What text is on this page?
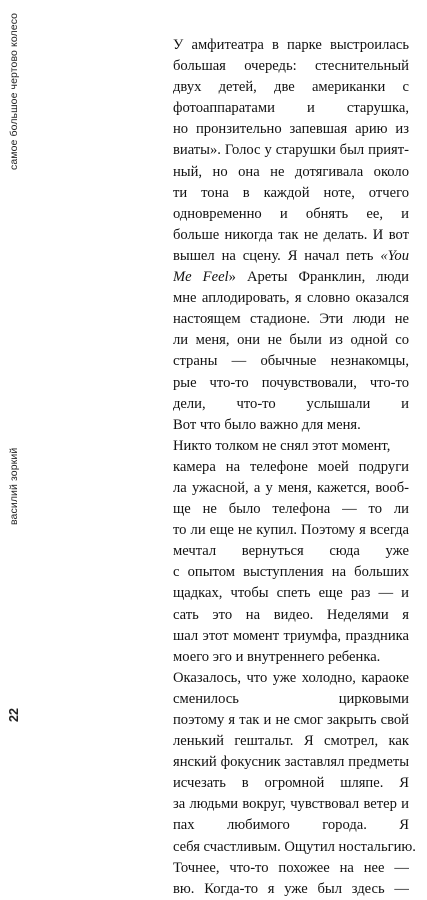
самое большое чертово колесо
василий зоркий
22
У амфитеатра в парке выстроилась
большая очередь: стеснительный
двух детей, две американки с
фотоаппаратами и старушка,
но пронзительно запевшая арию из
виаты». Голос у старушки был прият-
ный, но она не дотягивала около
ти тона в каждой ноте, отчего
одновременно и обнять ее, и
больше никогда так не делать. И вот
вышел на сцену. Я начал петь «You
Me Feel» Ареты Франклин, люди
мне аплодировать, я словно оказался
настоящем стадионе. Эти люди не
ли меня, они не были из одной со
страны — обычные незнакомцы,
рые что-то почувствовали, что-то
дели, что-то услышали и
Вот что было важно для меня.
Никто толком не снял этот момент,
камера на телефоне моей подруги
ла ужасной, а у меня, кажется, вооб-
ще не было телефона — то ли
то ли еще не купил. Поэтому я всегда
мечтал вернуться сюда уже
с опытом выступления на больших
щадках, чтобы спеть еще раз — и
сать это на видео. Неделями я
шал этот момент триумфа, праздника
моего эго и внутреннего ребенка.
Оказалось, что уже холодно, караоке
сменилось цирковыми
поэтому я так и не смог закрыть свой
ленький гештальт. Я смотрел, как
янский фокусник заставлял предметы
исчезать в огромной шляпе. Я
за людьми вокруг, чувствовал ветер и
пах любимого города. Я
себя счастливым. Ощутил ностальгию.
Точнее, что-то похожее на нее —
вю. Когда-то я уже был здесь —
